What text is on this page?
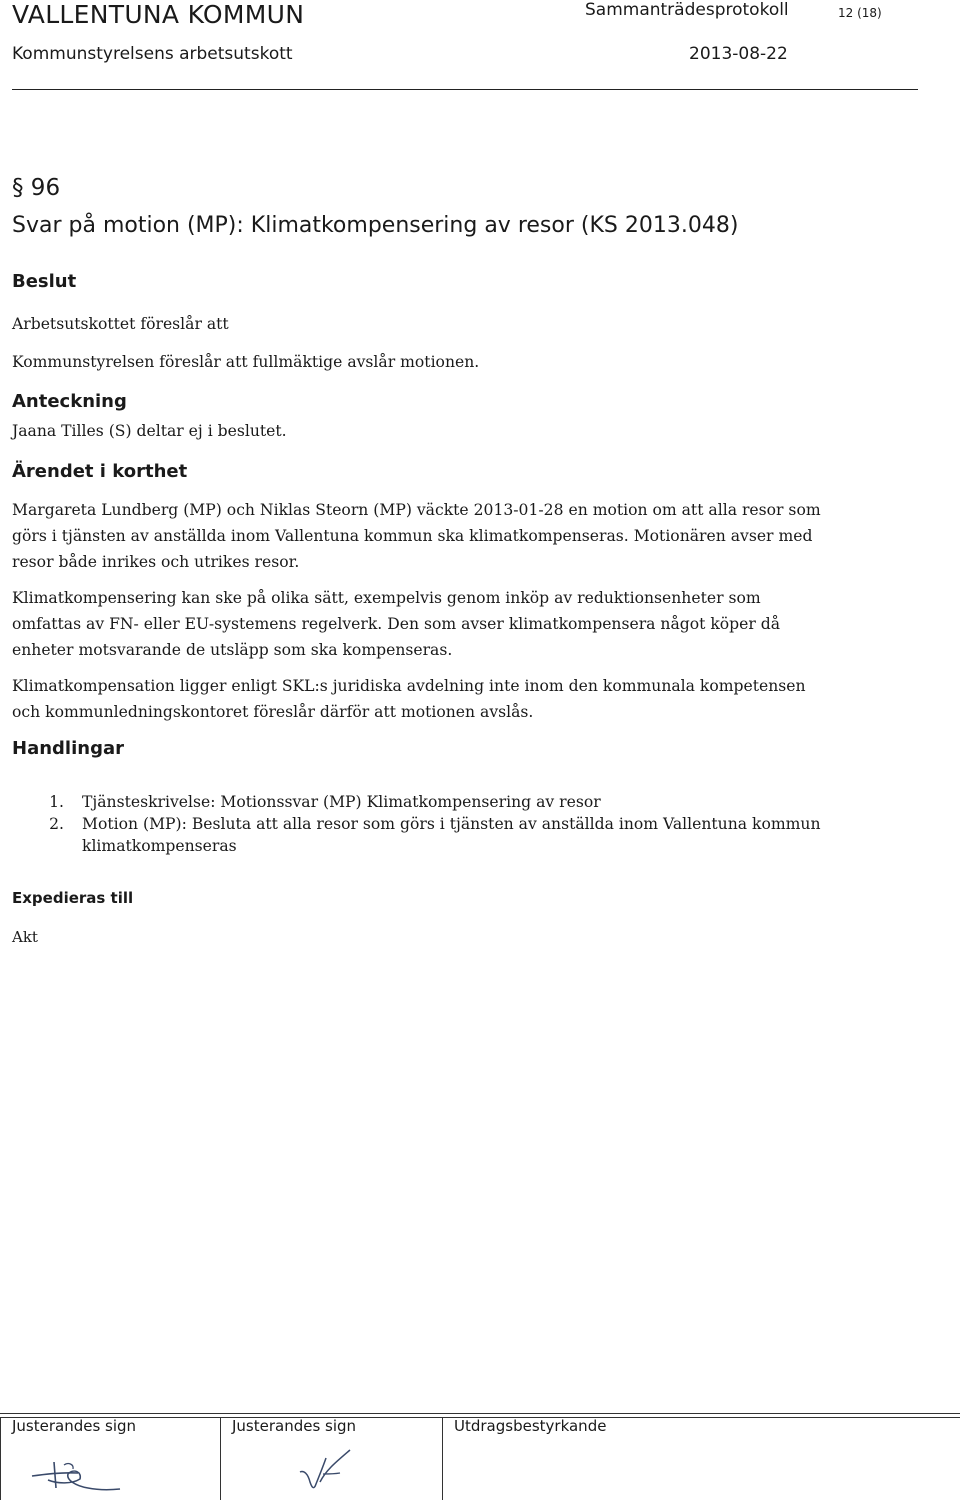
VALLENTUNA KOMMUN	Sammanträdesprotokoll	12 (18)
Kommunstyrelsens arbetsutskott	2013-08-22
§ 96
Svar på motion (MP): Klimatkompensering av resor (KS 2013.048)
Beslut
Arbetsutskottet föreslår att
Kommunstyrelsen föreslår att fullmäktige avslår motionen.
Anteckning
Jaana Tilles (S) deltar ej i beslutet.
Ärendet i korthet
Margareta Lundberg (MP) och Niklas Steorn (MP) väckte 2013-01-28 en motion om att alla resor som
görs i tjänsten av anställda inom Vallentuna kommun ska klimatkompenseras. Motionären avser med
resor både inrikes och utrikes resor.
Klimatkompensering kan ske på olika sätt, exempelvis genom inköp av reduktionsenheter som
omfattas av FN- eller EU-systemens regelverk. Den som avser klimatkompensera något köper då
enheter motsvarande de utsläpp som ska kompenseras.
Klimatkompensation ligger enligt SKL:s juridiska avdelning inte inom den kommunala kompetensen
och kommunledningskontoret föreslår därför att motionen avslås.
Handlingar
1. Tjänsteskrivelse: Motionssvar (MP) Klimatkompensering av resor
2. Motion (MP): Besluta att alla resor som görs i tjänsten av anställda inom Vallentuna kommun
klimatkompenseras
Expedieras till
Akt
Justerandes sign	Justerandes sign	Utdragsbestyrkande
